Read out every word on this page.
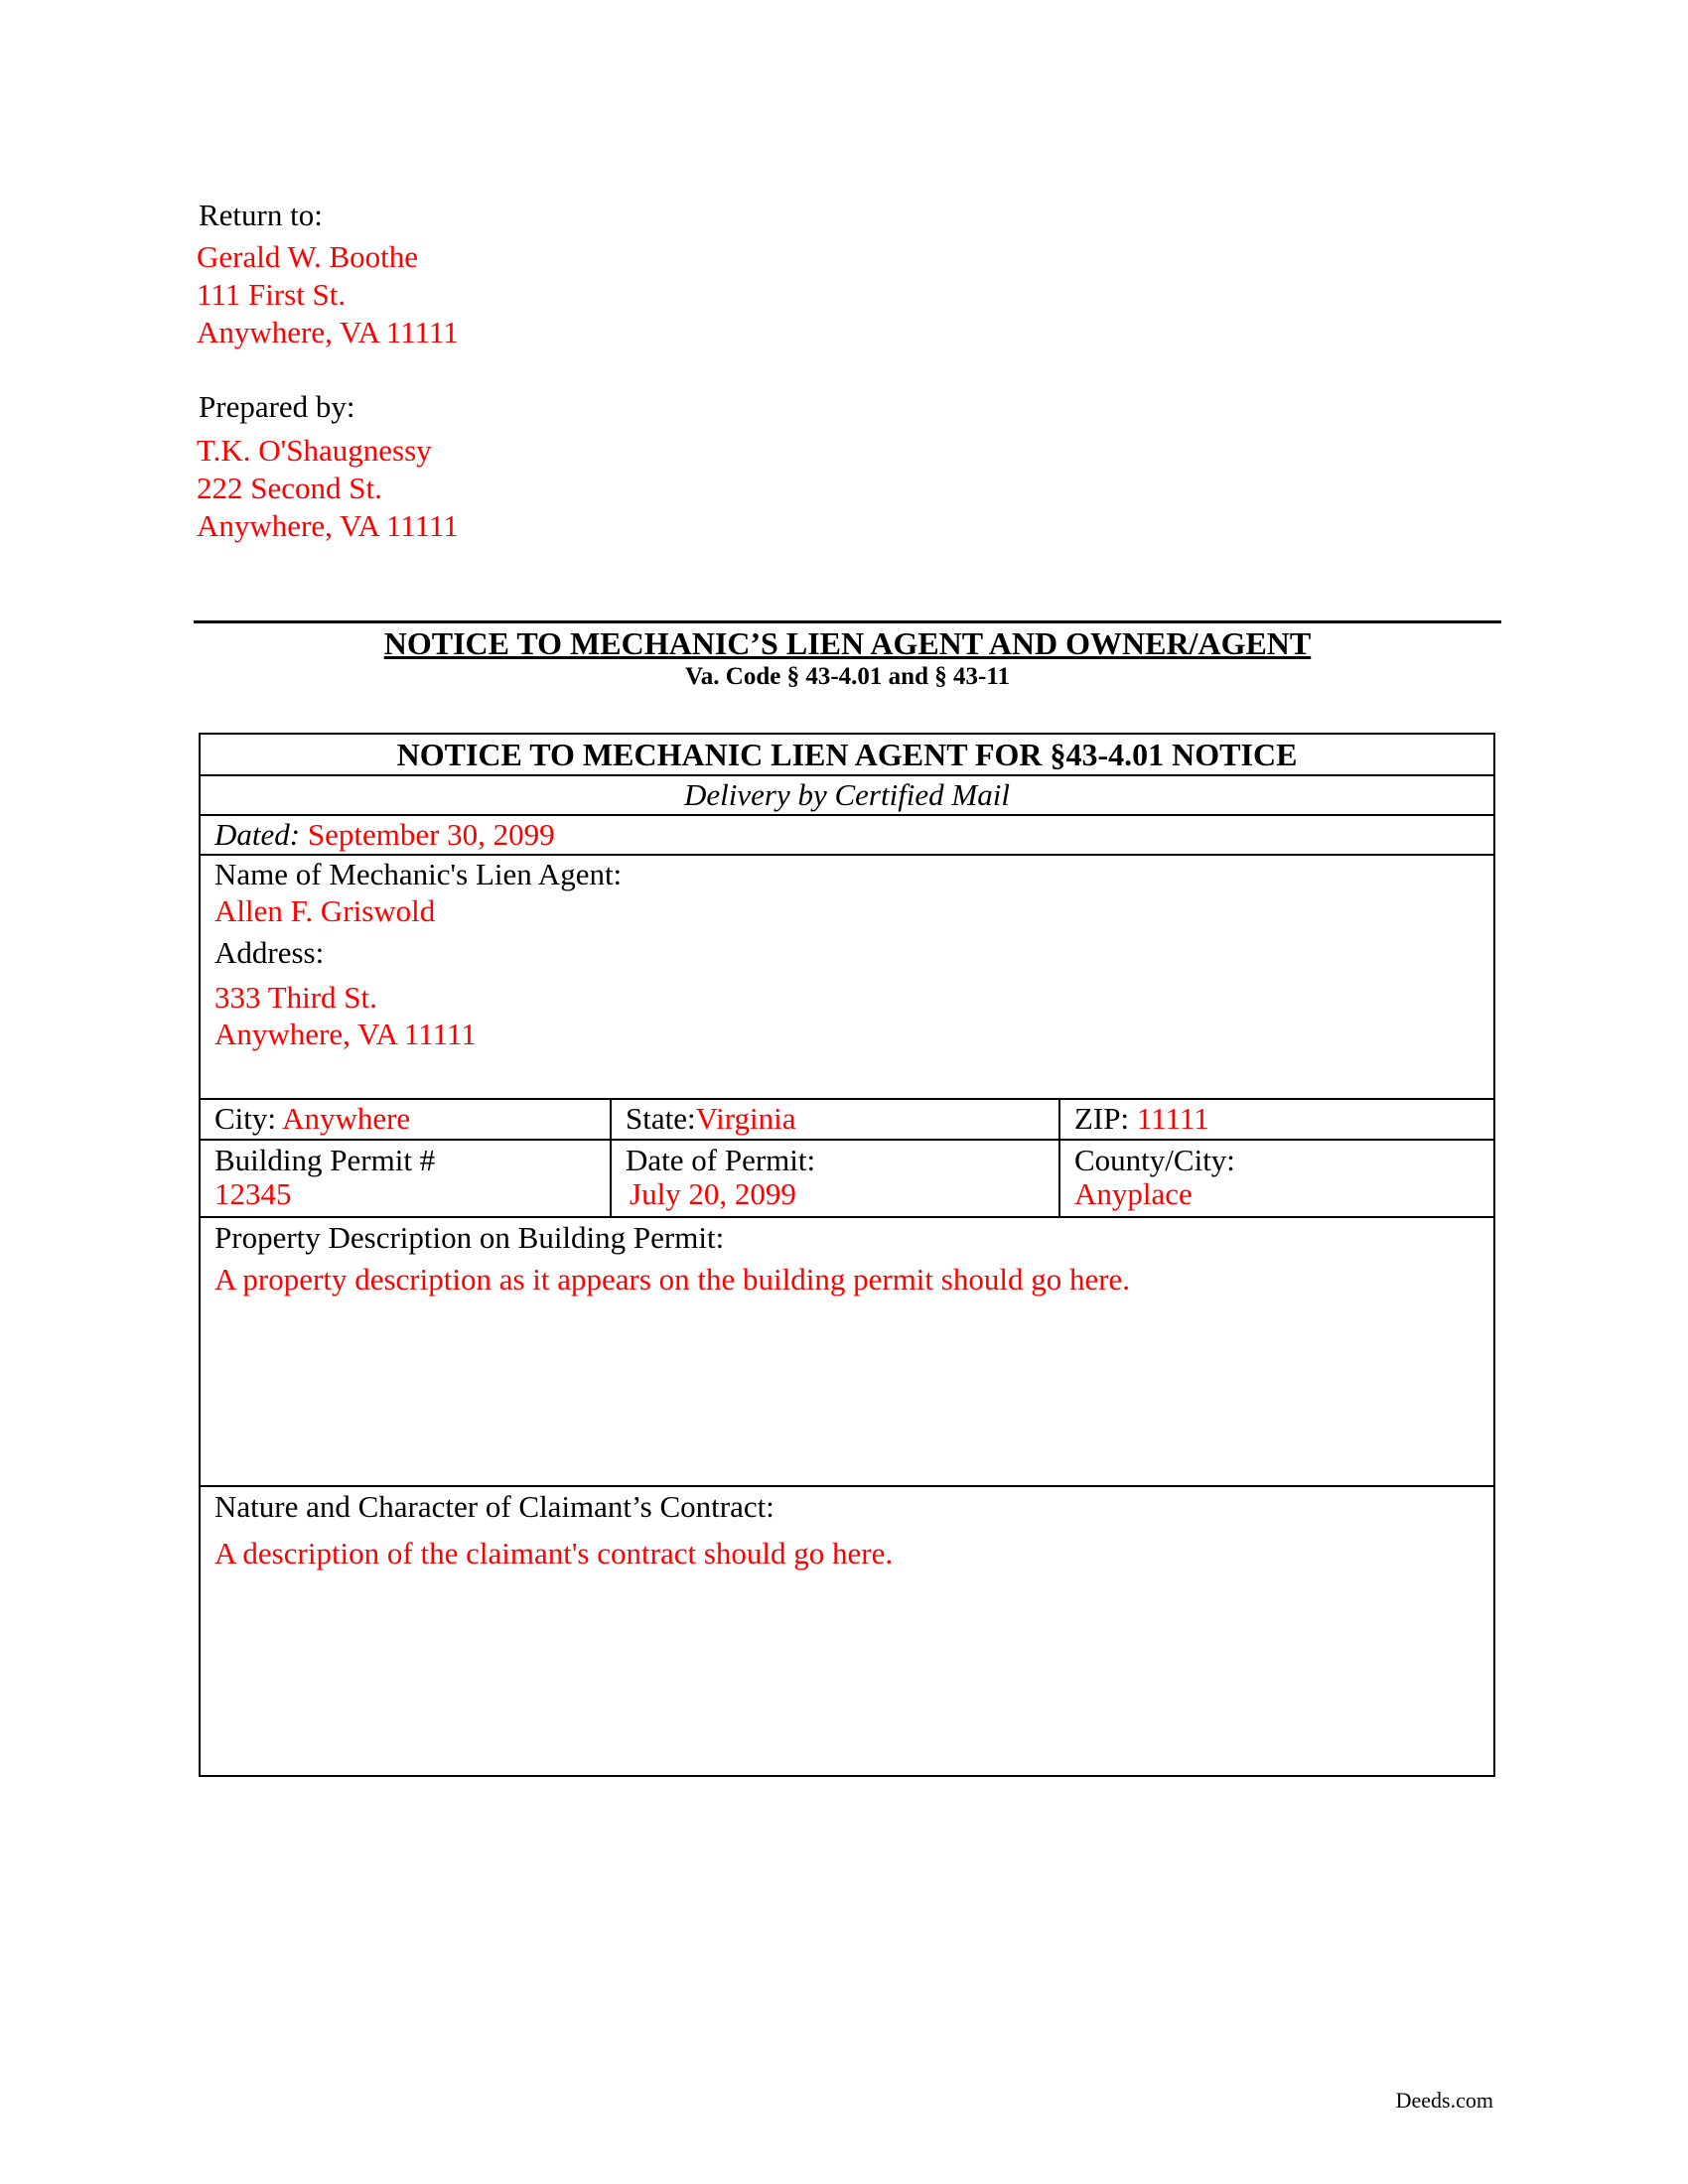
Return to:
Gerald W. Boothe
111 First St.
Anywhere, VA 11111
Prepared by:
T.K. O'Shaugnessy
222 Second St.
Anywhere, VA 11111
NOTICE TO MECHANIC’S LIEN AGENT AND OWNER/AGENT
Va. Code § 43-4.01 and § 43-11
NOTICE TO MECHANIC LIEN AGENT FOR §43-4.01 NOTICE
Delivery by Certified Mail
Dated: September 30, 2099
Name of Mechanic's Lien Agent:
Allen F. Griswold
Address:
333 Third St.
Anywhere, VA 11111
City: Anywhere	State:Virginia	ZIP: 11111
Building Permit #
12345
Date of Permit:
July 20, 2099
County/City:
Anyplace
Property Description on Building Permit:
A property description as it appears on the building permit should go here.
Nature and Character of Claimant’s Contract:
A description of the claimant's contract should go here.
Deeds.com
